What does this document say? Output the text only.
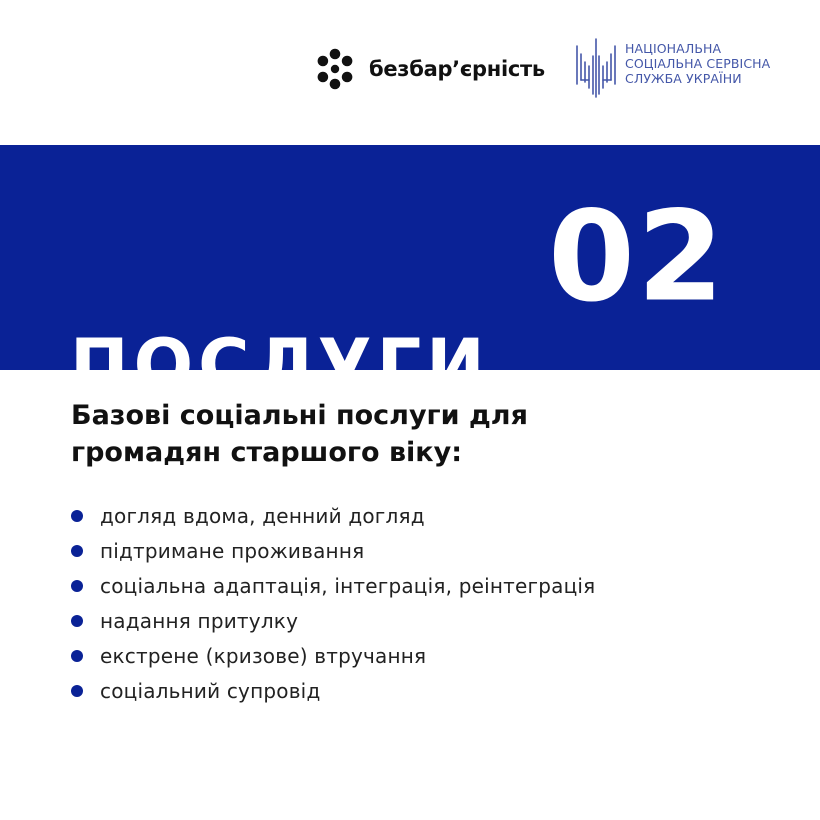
безбар’єрність
НАЦІОНАЛЬНА
СОЦІАЛЬНА СЕРВІСНА
СЛУЖБА УКРАЇНИ
ПОСЛУГИ
02
Базові соціальні послуги для
громадян старшого віку:
догляд вдома, денний догляд
підтримане проживання
соціальна адаптація, інтеграція, реінтеграція
надання притулку
екстрене (кризове) втручання
соціальний супровід
